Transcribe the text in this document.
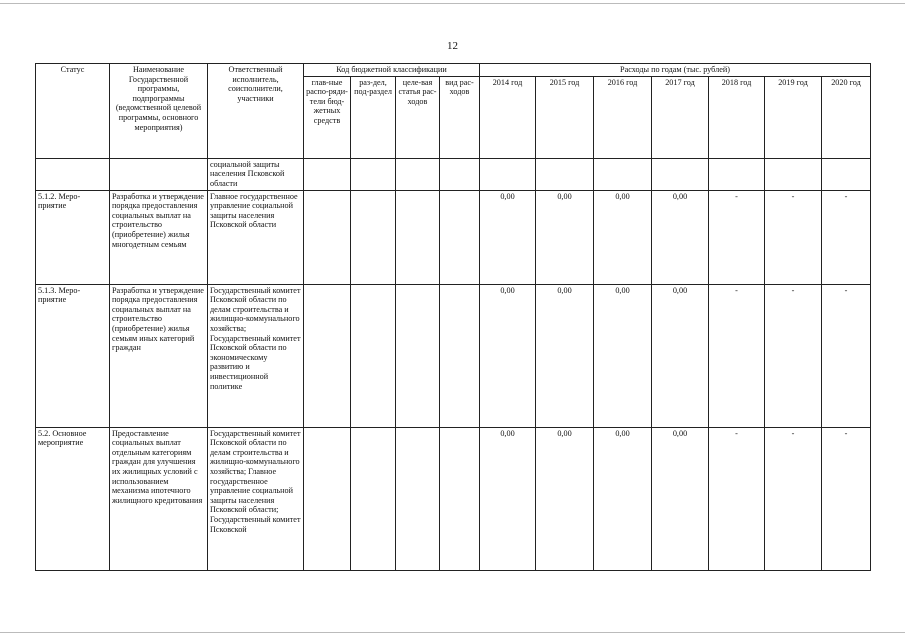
12
Статус	Наименование Государственной программы, подпрограммы (ведомственной целевой программы, основного мероприятия)	Ответственный исполнитель, соисполнители, участники	Код бюджетной классификации				Расходы по годам (тыс. рублей)						
			глав-ные распо-ряди-тели бюд-жетных средств	раз-дел, под-раздел	целе-вая статья рас-ходов	вид рас-ходов	2014 год	2015 год	2016 год	2017 год	2018 год	2019 год	2020 год
		социальной защиты населения Псковской области											
5.1.2. Меро-приятие	Разработка и утверждение порядка предоставления социальных выплат на строительство (приобретение) жилья многодетным семьям	Главное государственное управление социальной защиты населения Псковской области					0,00	0,00	0,00	0,00	-	-	-
5.1.3. Меро-приятие	Разработка и утверждение порядка предоставления социальных выплат на строительство (приобретение) жилья семьям иных категорий граждан	Государственный комитет Псковской области по делам строительства и жилищно-коммунального хозяйства; Государственный комитет Псковской области по экономическому развитию и инвестиционной политике					0,00	0,00	0,00	0,00	-	-	-
5.2. Основное мероприятие	Предоставление социальных выплат отдельным категориям граждан для улучшения их жилищных условий с использованием механизма ипотечного жилищного кредитования	Государственный комитет Псковской области по делам строительства и жилищно-коммунального хозяйства; Главное государственное управление социальной защиты населения Псковской области; Государственный комитет Псковской					0,00	0,00	0,00	0,00	-	-	-
